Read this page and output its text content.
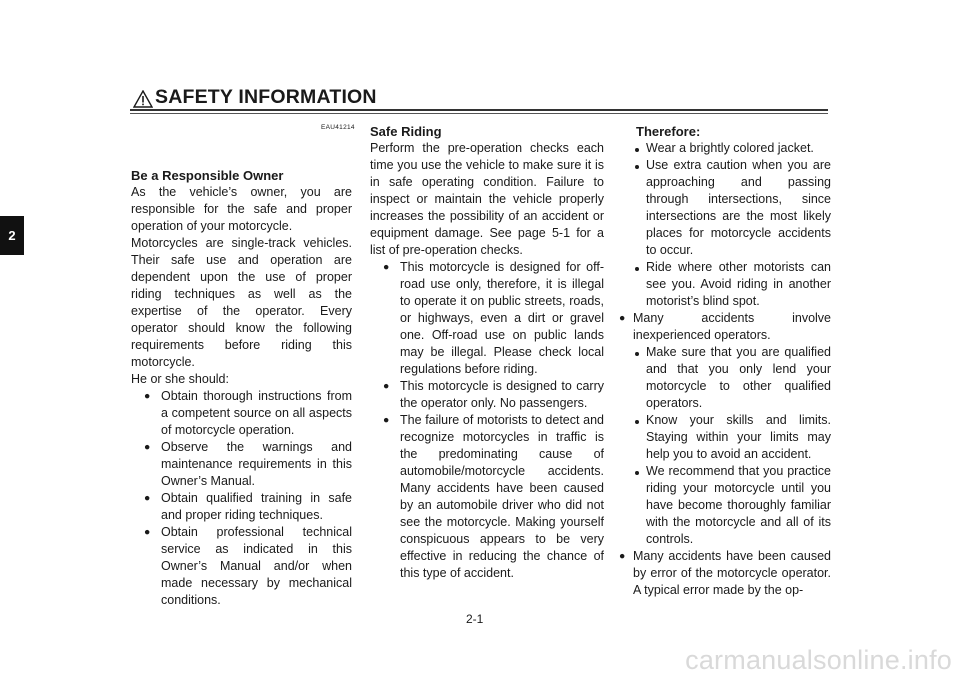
SAFETY INFORMATION
2
EAU41214
Be a Responsible Owner

As the vehicle’s owner, you are responsible for the safe and proper operation of your motorcycle.

Motorcycles are single-track vehicles. Their safe use and operation are dependent upon the use of proper riding techniques as well as the expertise of the operator. Every operator should know the following requirements before riding this motorcycle.

He or she should:

● Obtain thorough instructions from a competent source on all aspects of motorcycle operation.
● Observe the warnings and maintenance requirements in this Owner’s Manual.
● Obtain qualified training in safe and proper riding techniques.
● Obtain professional technical service as indicated in this Owner’s Manual and/or when made necessary by mechanical conditions.
Safe Riding

Perform the pre-operation checks each time you use the vehicle to make sure it is in safe operating condition. Failure to inspect or maintain the vehicle properly increases the possibility of an accident or equipment damage. See page 5-1 for a list of pre-operation checks.

● This motorcycle is designed for off-road use only, therefore, it is illegal to operate it on public streets, roads, or highways, even a dirt or gravel one. Off-road use on public lands may be illegal. Please check local regulations before riding.
● This motorcycle is designed to carry the operator only. No passengers.
● The failure of motorists to detect and recognize motorcycles in traffic is the predominating cause of automobile/motorcycle accidents. Many accidents have been caused by an automobile driver who did not see the motorcycle. Making yourself conspicuous appears to be very effective in reducing the chance of this type of accident.
Therefore:
Wear a brightly colored jacket.
Use extra caution when you are approaching and passing through intersections, since intersections are the most likely places for motorcycle accidents to occur.
Ride where other motorists can see you. Avoid riding in another motorist’s blind spot.
● Many accidents involve inexperienced operators.
Make sure that you are qualified and that you only lend your motorcycle to other qualified operators.
Know your skills and limits. Staying within your limits may help you to avoid an accident.
We recommend that you practice riding your motorcycle until you have become thoroughly familiar with the motorcycle and all of its controls.
● Many accidents have been caused by error of the motorcycle operator. A typical error made by the op-
2-1
carmanualsonline.info
